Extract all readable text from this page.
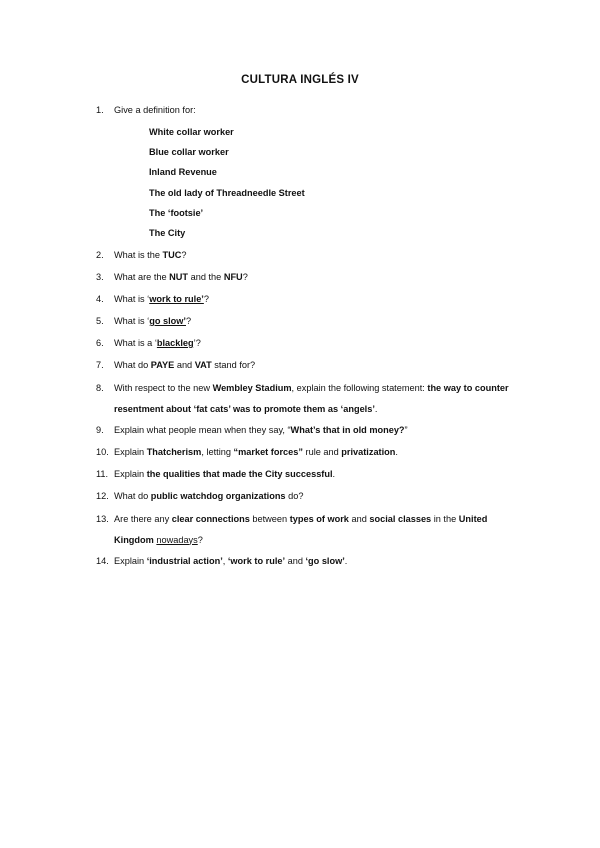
CULTURA INGLÉS IV
1. Give a definition for:
White collar worker
Blue collar worker
Inland Revenue
The old lady of Threadneedle Street
The ‘footsie’
The City
2. What is the TUC?
3. What are the NUT and the NFU?
4. What is ‘work to rule’?
5. What is ‘go slow’?
6. What is a ‘blackleg’?
7. What do PAYE and VAT stand for?
8. With respect to the new Wembley Stadium, explain the following statement: the way to counter resentment about ‘fat cats’ was to promote them as ‘angels’.
9. Explain what people mean when they say, “What’s that in old money?”
10. Explain Thatcherism, letting “market forces” rule and privatization.
11. Explain the qualities that made the City successful.
12. What do public watchdog organizations do?
13. Are there any clear connections between types of work and social classes in the United Kingdom nowadays?
14. Explain ‘industrial action’, ‘work to rule’ and ‘go slow’.
